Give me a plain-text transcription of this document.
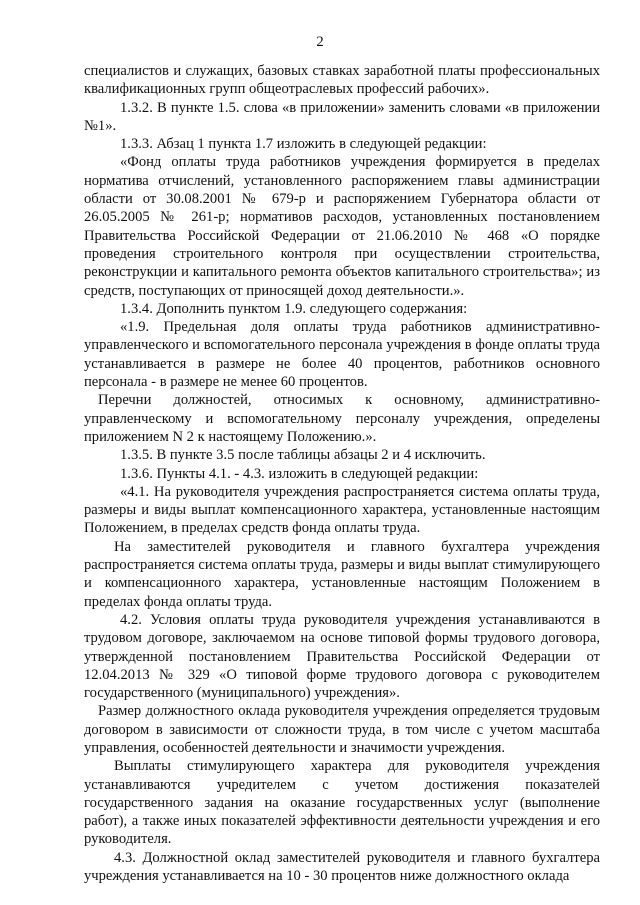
2

специалистов и служащих, базовых ставках заработной платы профессиональных квалификационных групп общеотраслевых профессий рабочих».

1.3.2. В пункте 1.5. слова «в приложении» заменить словами «в приложении №1».

1.3.3. Абзац 1 пункта 1.7 изложить в следующей редакции:

«Фонд оплаты труда работников учреждения формируется в пределах норматива отчислений, установленного распоряжением главы администрации области от 30.08.2001 № 679-р и распоряжением Губернатора области от 26.05.2005 № 261-р; нормативов расходов, установленных постановлением Правительства Российской Федерации от 21.06.2010 № 468 «О порядке проведения строительного контроля при осуществлении строительства, реконструкции и капитального ремонта объектов капитального строительства»; из средств, поступающих от приносящей доход деятельности.».

1.3.4. Дополнить пунктом 1.9. следующего содержания:

«1.9. Предельная доля оплаты труда работников административно-управленческого и вспомогательного персонала учреждения в фонде оплаты труда устанавливается в размере не более 40 процентов, работников основного персонала - в размере не менее 60 процентов.

Перечни должностей, относимых к основному, административно-управленческому и вспомогательному персоналу учреждения, определены приложением N 2 к настоящему Положению.».

1.3.5. В пункте 3.5 после таблицы абзацы 2 и 4 исключить.

1.3.6. Пункты 4.1. - 4.3. изложить в следующей редакции:

«4.1. На руководителя учреждения распространяется система оплаты труда, размеры и виды выплат компенсационного характера, установленные настоящим Положением, в пределах средств фонда оплаты труда.

На заместителей руководителя и главного бухгалтера учреждения распространяется система оплаты труда, размеры и виды выплат стимулирующего и компенсационного характера, установленные настоящим Положением в пределах фонда оплаты труда.

4.2. Условия оплаты труда руководителя учреждения устанавливаются в трудовом договоре, заключаемом на основе типовой формы трудового договора, утвержденной постановлением Правительства Российской Федерации от 12.04.2013 № 329 «О типовой форме трудового договора с руководителем государственного (муниципального) учреждения».

Размер должностного оклада руководителя учреждения определяется трудовым договором в зависимости от сложности труда, в том числе с учетом масштаба управления, особенностей деятельности и значимости учреждения.

Выплаты стимулирующего характера для руководителя учреждения устанавливаются учредителем с учетом достижения показателей государственного задания на оказание государственных услуг (выполнение работ), а также иных показателей эффективности деятельности учреждения и его руководителя.

4.3. Должностной оклад заместителей руководителя и главного бухгалтера учреждения устанавливается на 10 - 30 процентов ниже должностного оклада
